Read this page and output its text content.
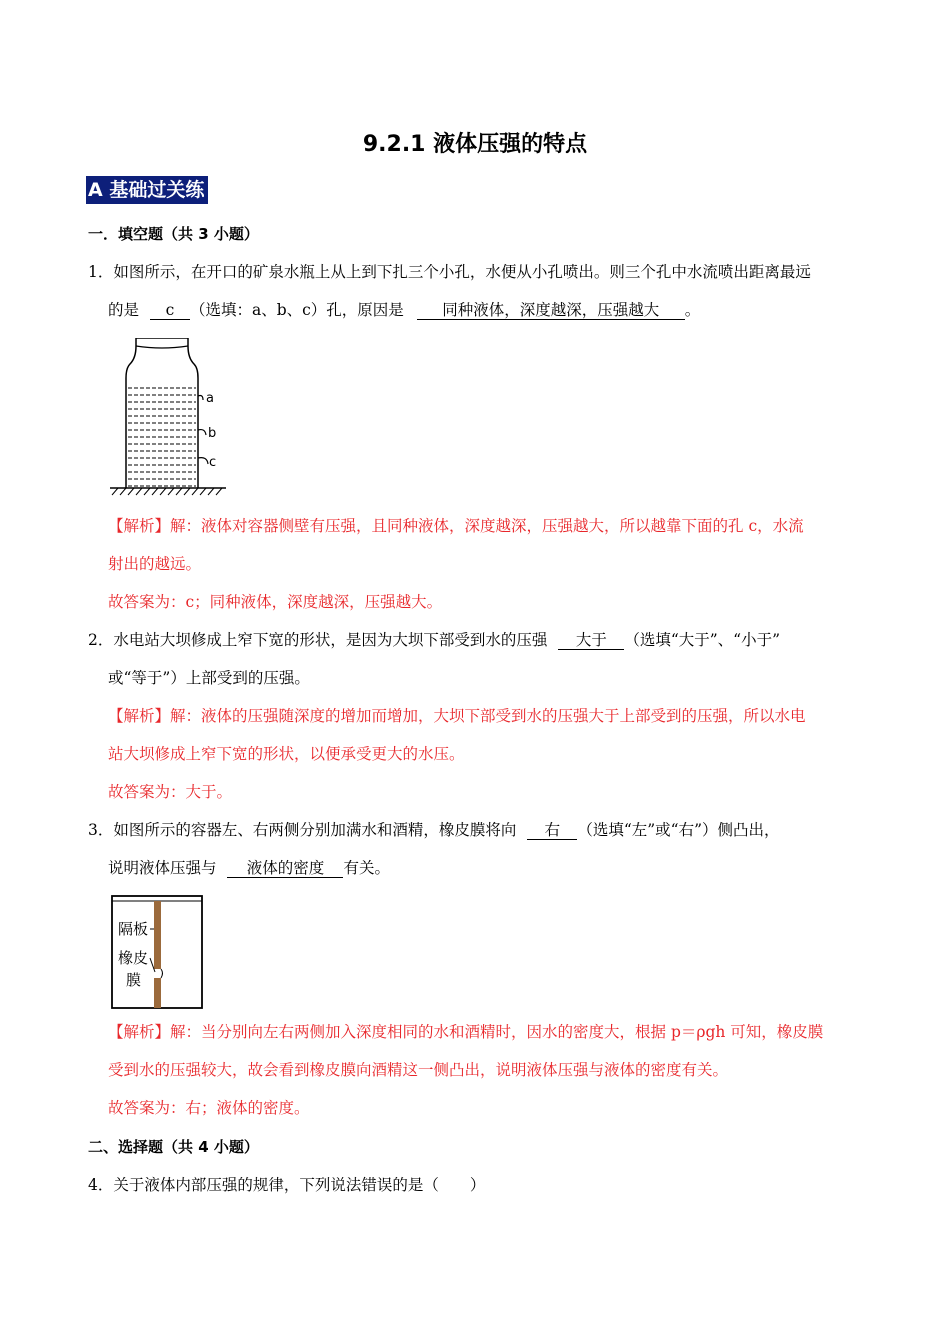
9.2.1 液体压强的特点
A 基础过关练
一．填空题（共 3 小题）
1．如图所示，在开口的矿泉水瓶上从上到下扎三个小孔，水便从小孔喷出。则三个孔中水流喷出距离最远
的是 c （选填：a、b、c）孔，原因是 同种液体，深度越深，压强越大 。
a
b
c
【解析】解：液体对容器侧壁有压强，且同种液体，深度越深，压强越大，所以越靠下面的孔 c，水流
射出的越远。
故答案为：c；同种液体，深度越深，压强越大。
2．水电站大坝修成上窄下宽的形状，是因为大坝下部受到水的压强 大于 （选填“大于”、“小于”
或“等于”）上部受到的压强。
【解析】解：液体的压强随深度的增加而增加，大坝下部受到水的压强大于上部受到的压强，所以水电
站大坝修成上窄下宽的形状，以便承受更大的水压。
故答案为：大于。
3．如图所示的容器左、右两侧分别加满水和酒精，橡皮膜将向 右 （选填“左”或“右”）侧凸出，
说明液体压强与 液体的密度 有关。
隔板
橡皮
膜
【解析】解：当分别向左右两侧加入深度相同的水和酒精时，因水的密度大，根据 p＝ρgh 可知，橡皮膜
受到水的压强较大，故会看到橡皮膜向酒精这一侧凸出，说明液体压强与液体的密度有关。
故答案为：右；液体的密度。
二、选择题（共 4 小题）
4．关于液体内部压强的规律，下列说法错误的是（　　）
